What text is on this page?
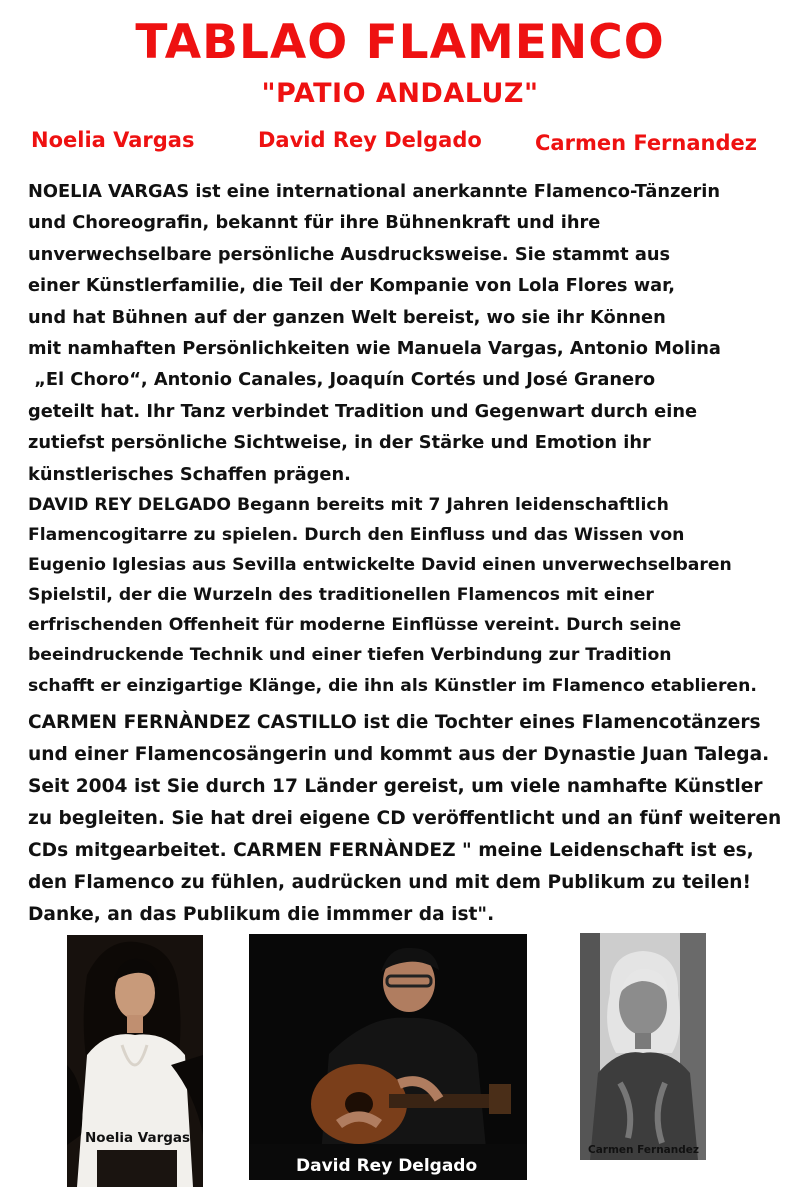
TABLAO FLAMENCO
"PATIO ANDALUZ"
Noelia Vargas	David Rey Delgado	Carmen Fernandez
NOELIA VARGAS ist eine international anerkannte Flamenco-Tänzerin
und Choreografin, bekannt für ihre Bühnenkraft und ihre
unverwechselbare persönliche Ausdrucksweise. Sie stammt aus
einer Künstlerfamilie, die Teil der Kompanie von Lola Flores war,
und hat Bühnen auf der ganzen Welt bereist, wo sie ihr Können
mit namhaften Persönlichkeiten wie Manuela Vargas, Antonio Molina
„El Choro“, Antonio Canales, Joaquín Cortés und José Granero
geteilt hat. Ihr Tanz verbindet Tradition und Gegenwart durch eine
zutiefst persönliche Sichtweise, in der Stärke und Emotion ihr
künstlerisches Schaffen prägen.
DAVID REY DELGADO Begann bereits mit 7 Jahren leidenschaftlich
Flamencogitarre zu spielen. Durch den Einfluss und das Wissen von
Eugenio Iglesias aus Sevilla entwickelte David einen unverwechselbaren
Spielstil, der die Wurzeln des traditionellen Flamencos mit einer
erfrischenden Offenheit für moderne Einflüsse vereint. Durch seine
beeindruckende Technik und einer tiefen Verbindung zur Tradition
schafft er einzigartige Klänge, die ihn als Künstler im Flamenco etablieren.
CARMEN FERNÀNDEZ CASTILLO ist die Tochter eines Flamencotänzers
und einer Flamencosängerin und kommt aus der Dynastie Juan Talega.
Seit 2004 ist Sie durch 17 Länder gereist, um viele namhafte Künstler
zu begleiten. Sie hat drei eigene CD veröffentlicht und an fünf weiteren
CDs mitgearbeitet. CARMEN FERNÀNDEZ " meine Leidenschaft ist es,
den Flamenco zu fühlen, audrücken und mit dem Publikum zu teilen!
Danke, an das Publikum die immmer da ist".
Noelia Vargas
David Rey Delgado
Carmen Fernandez
